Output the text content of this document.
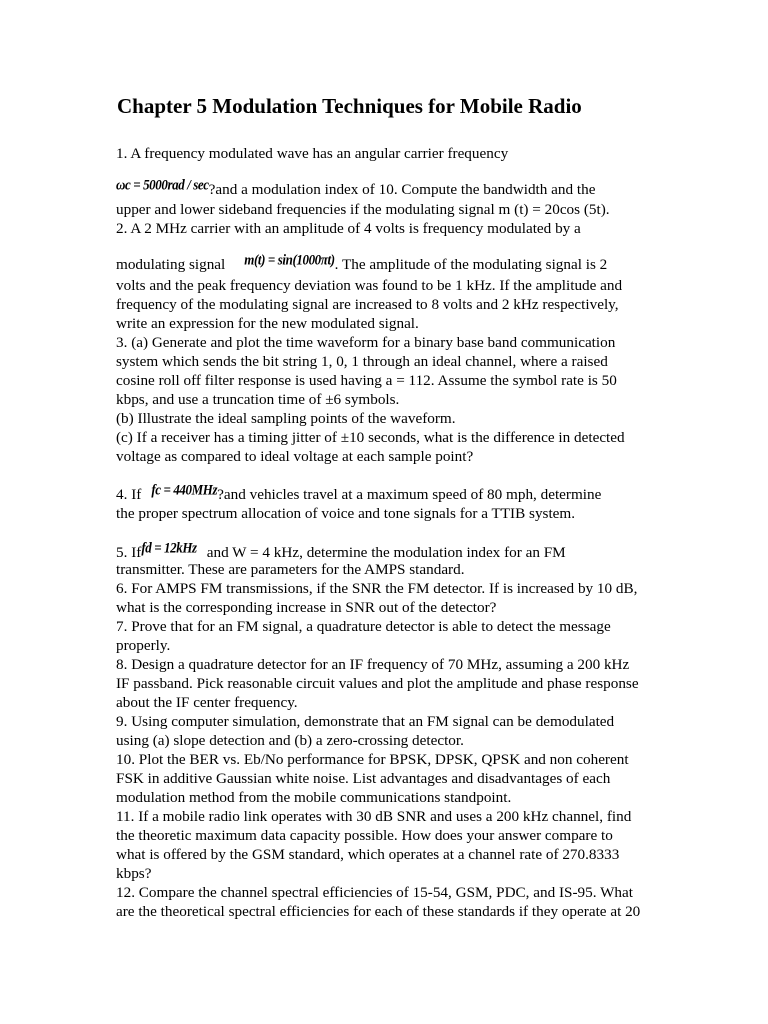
Chapter 5 Modulation Techniques for Mobile Radio
1. A frequency modulated wave has an angular carrier frequency
ωc = 5000rad / sec?and a modulation index of 10. Compute the bandwidth and the
upper and lower sideband frequencies if the modulating signal m (t) = 20cos (5t).
2. A 2 MHz carrier with an amplitude of 4 volts is frequency modulated by a
modulating signal m(t) = sin(1000πt). The amplitude of the modulating signal is 2
volts and the peak frequency deviation was found to be 1 kHz. If the amplitude and
frequency of the modulating signal are increased to 8 volts and 2 kHz respectively,
write an expression for the new modulated signal.
3. (a) Generate and plot the time waveform for a binary base band communication
system which sends the bit string 1, 0, 1 through an ideal channel, where a raised
cosine roll off filter response is used having a = 112. Assume the symbol rate is 50
kbps, and use a truncation time of ±6 symbols.
(b) Illustrate the ideal sampling points of the waveform.
(c) If a receiver has a timing jitter of ±10 seconds, what is the difference in detected
voltage as compared to ideal voltage at each sample point?
4. If fc = 440MHz?and vehicles travel at a maximum speed of 80 mph, determine
the proper spectrum allocation of voice and tone signals for a TTIB system.
5. Iffd = 12kHz and W = 4 kHz, determine the modulation index for an FM
transmitter. These are parameters for the AMPS standard.
6. For AMPS FM transmissions, if the SNR the FM detector. If is increased by 10 dB,
what is the corresponding increase in SNR out of the detector?
7. Prove that for an FM signal, a quadrature detector is able to detect the message
properly.
8. Design a quadrature detector for an IF frequency of 70 MHz, assuming a 200 kHz
IF passband. Pick reasonable circuit values and plot the amplitude and phase response
about the IF center frequency.
9. Using computer simulation, demonstrate that an FM signal can be demodulated
using (a) slope detection and (b) a zero-crossing detector.
10. Plot the BER vs. Eb/No performance for BPSK, DPSK, QPSK and non coherent
FSK in additive Gaussian white noise. List advantages and disadvantages of each
modulation method from the mobile communications standpoint.
11. If a mobile radio link operates with 30 dB SNR and uses a 200 kHz channel, find
the theoretic maximum data capacity possible. How does your answer compare to
what is offered by the GSM standard, which operates at a channel rate of 270.8333
kbps?
12. Compare the channel spectral efficiencies of 15-54, GSM, PDC, and IS-95. What
are the theoretical spectral efficiencies for each of these standards if they operate at 20
